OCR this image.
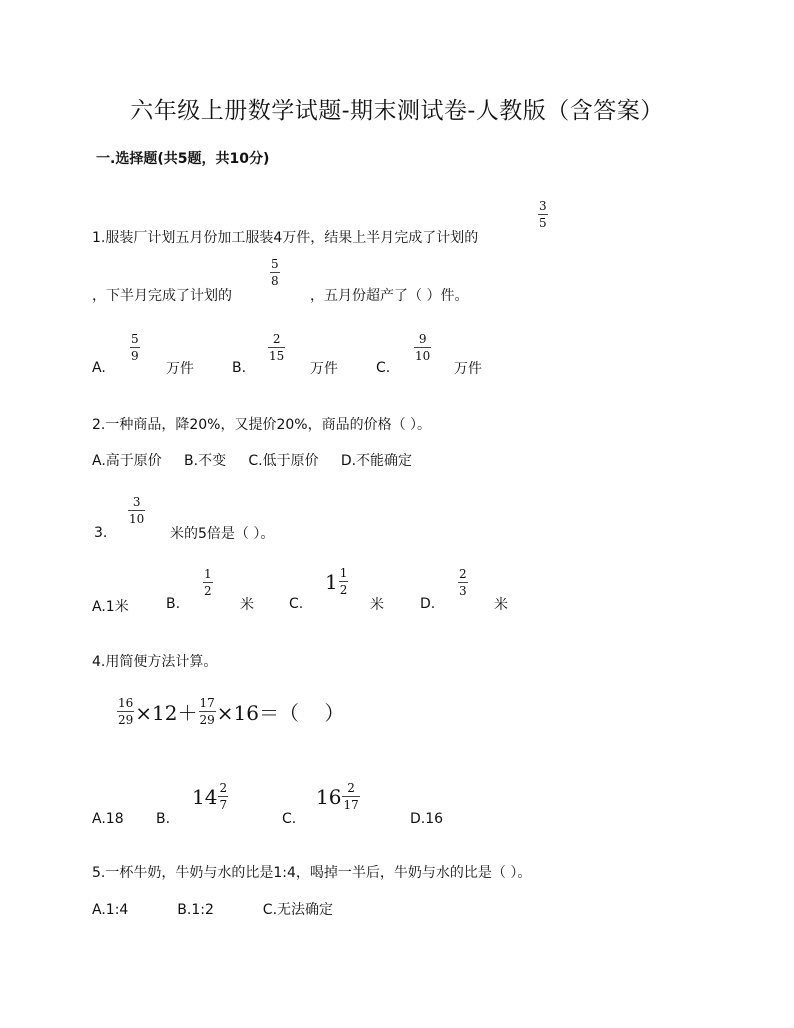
六年级上册数学试题-期末测试卷-人教版（含答案）
一.选择题(共5题，共10分)
1.服装厂计划五月份加工服装4万件，结果上半月完成了计划的
3
5
，下半月完成了计划的
5
8
，五月份超产了（ ）件。
A.
5
9
万件	B.
2
15
万件	C.
9
10
万件
2.一种商品，降20%，又提价20%，商品的价格（ ）。
A.高于原价     B.不变     C.低于原价     D.不能确定
3.
3
10
米的5倍是（ ）。
A.1米	B.
1
2
米	C.
$1 \frac{1}{2}$
米	D.
2
3
米
4.用简便方法计算。
$\frac{16}{29} \times 12+ \frac{17}{29} \times 16=$（    ）
A.18 B.
$14 \frac{2}{7}$
C.
$16 \frac{2}{17}$
D.16
5.一杯牛奶，牛奶与水的比是1:4，喝掉一半后，牛奶与水的比是（ ）。
A.1:4           B.1:2           C.无法确定
